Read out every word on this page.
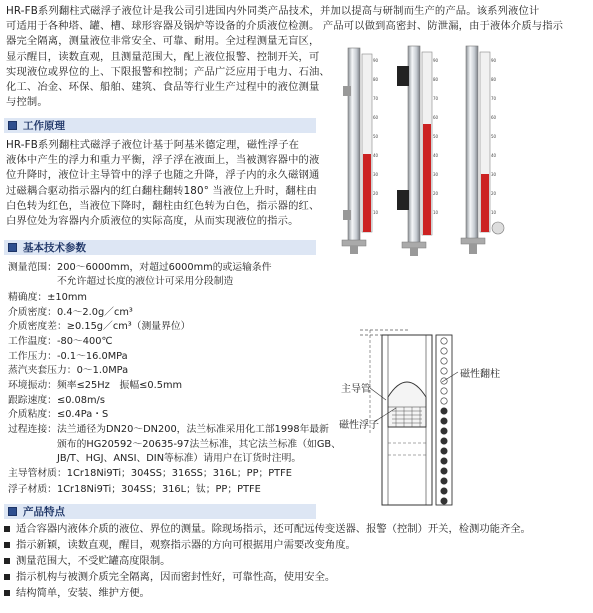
HR-FB系列翻柱式磁浮子液位计是我公司引进国内外同类产品技术，并加以提高与研制而生产的产品。该系列液位计
可适用于各种塔、罐、槽、球形容器及锅炉等设备的介质液位检测。 产品可以做到高密封、防泄漏，由于液体介质与指示
器完全隔离，测量液位非常安全、可靠、耐用。全过程测量无盲区，
显示醒目，读数直观，且测量范围大，配上液位报警、控制开关，可
实现液位或界位的上、下限报警和控制；产品广泛应用于电力、石油、
化工、冶金、环保、船舶、建筑、食品等行业生产过程中的液位测量
与控制。
90
80
70
60
50
40
30
20
10
90
80
70
60
50
40
30
20
10
90
80
70
60
50
40
30
20
10
工作原理
HR-FB系列翻柱式磁浮子液位计基于阿基米德定理，磁性浮子在
液体中产生的浮力和重力平衡，浮子浮在液面上，当被测容器中的液
位升降时，液位计主导管中的浮子也随之升降，浮子内的永久磁钢通
过磁耦合驱动指示器内的红白翻柱翻转180° 当液位上升时，翻柱由
白色转为红色，当液位下降时，翻柱由红色转为白色，指示器的红、
白界位处为容器内介质液位的实际高度，从而实现液位的指示。
基本技术参数
测量范围：200～6000mm，对超过6000mm的或运输条件
　　　　　不允许超过长度的液位计可采用分段制造
精确度：±10mm
介质密度：0.4～2.0g／cm³
介质密度差：≥0.15g／cm³（测量界位）
工作温度：-80～400℃
工作压力：-0.1～16.0MPa
蒸汽夹套压力：0～1.0MPa
环境振动：频率≤25Hz　振幅≤0.5mm
跟踪速度：≤0.08m/s
介质粘度：≤0.4Pa・S
过程连接：法兰通径为DN20～DN200，法兰标准采用化工部1998年最新
　　　　　颁布的HG20592～20635-97法兰标准，其它法兰标准（如GB、
　　　　　JB/T、HGJ、ANSI、DIN等标准）请用户在订货时注明。
主导管材质：1Cr18Ni9Ti；304SS；316SS；316L；PP；PTFE
浮子材质：1Cr18Ni9Ti；304SS；316L；钛；PP；PTFE
磁性翻柱
主导管
磁性浮子
产品特点
适合容器内液体介质的液位、界位的测量。除现场指示，还可配远传变送器、报警（控制）开关，检测功能齐全。
指示新颖，读数直观，醒目，观察指示器的方向可根据用户需要改变角度。
测量范围大，不受贮罐高度限制。
指示机构与被测介质完全隔离，因而密封性好，可靠性高，使用安全。
结构简单，安装、维护方便。
